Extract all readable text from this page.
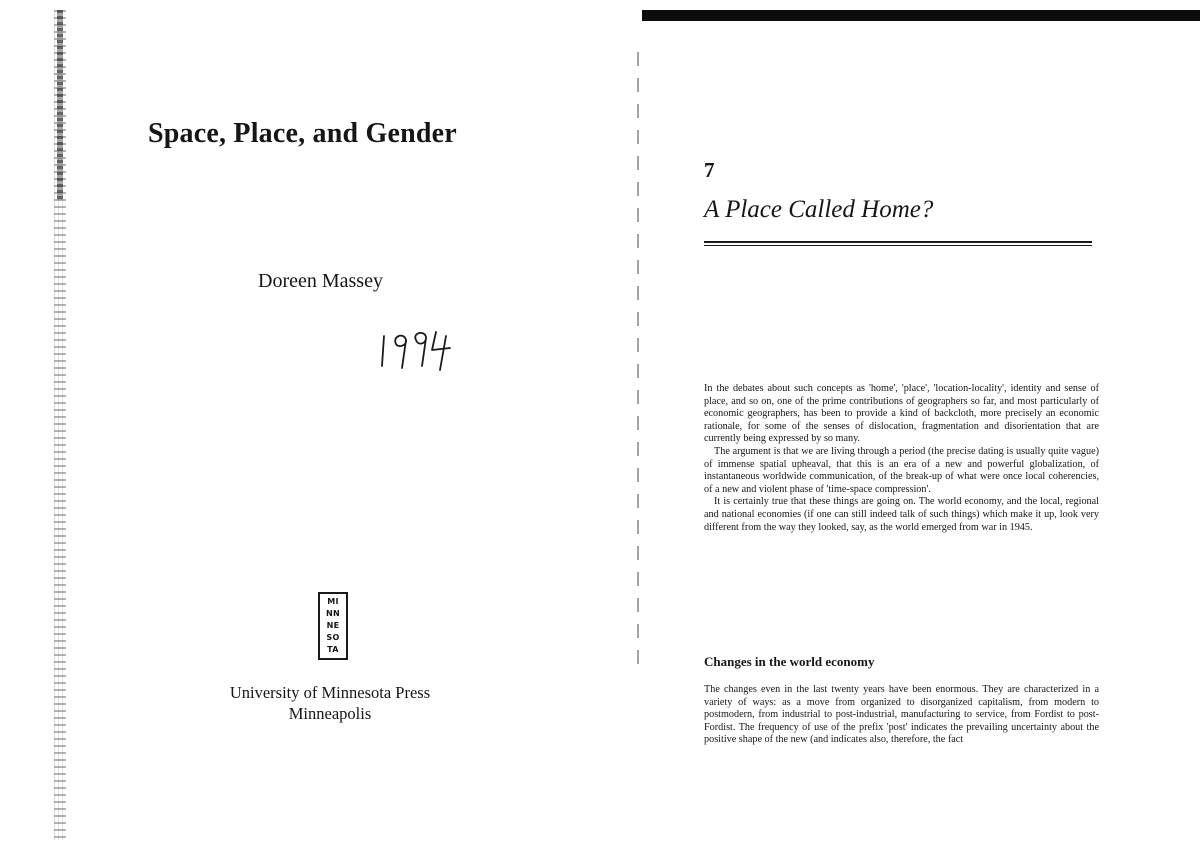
Space, Place, and Gender

Doreen Massey

MI
NN
NE
SO
TA
University of Minnesota Press
Minneapolis
7
A Place Called Home?

In the debates about such concepts as 'home', 'place', 'location-locality', identity and sense of place, and so on, one of the prime contributions of geographers so far, and most particularly of economic geographers, has been to provide a kind of backcloth, more precisely an economic rationale, for some of the senses of dislocation, fragmentation and disorientation that are currently being expressed by so many.

The argument is that we are living through a period (the precise dating is usually quite vague) of immense spatial upheaval, that this is an era of a new and powerful globalization, of instantaneous worldwide communication, of the break-up of what were once local coherencies, of a new and violent phase of 'time-space compression'.

It is certainly true that these things are going on. The world economy, and the local, regional and national economies (if one can still indeed talk of such things) which make it up, look very different from the way they looked, say, as the world emerged from war in 1945.

Changes in the world economy

The changes even in the last twenty years have been enormous. They are characterized in a variety of ways: as a move from organized to disorganized capitalism, from modern to postmodern, from industrial to post-industrial, manufacturing to service, from Fordist to post-Fordist. The frequency of use of the prefix 'post' indicates the prevailing uncertainty about the positive shape of the new (and indicates also, therefore, the fact
